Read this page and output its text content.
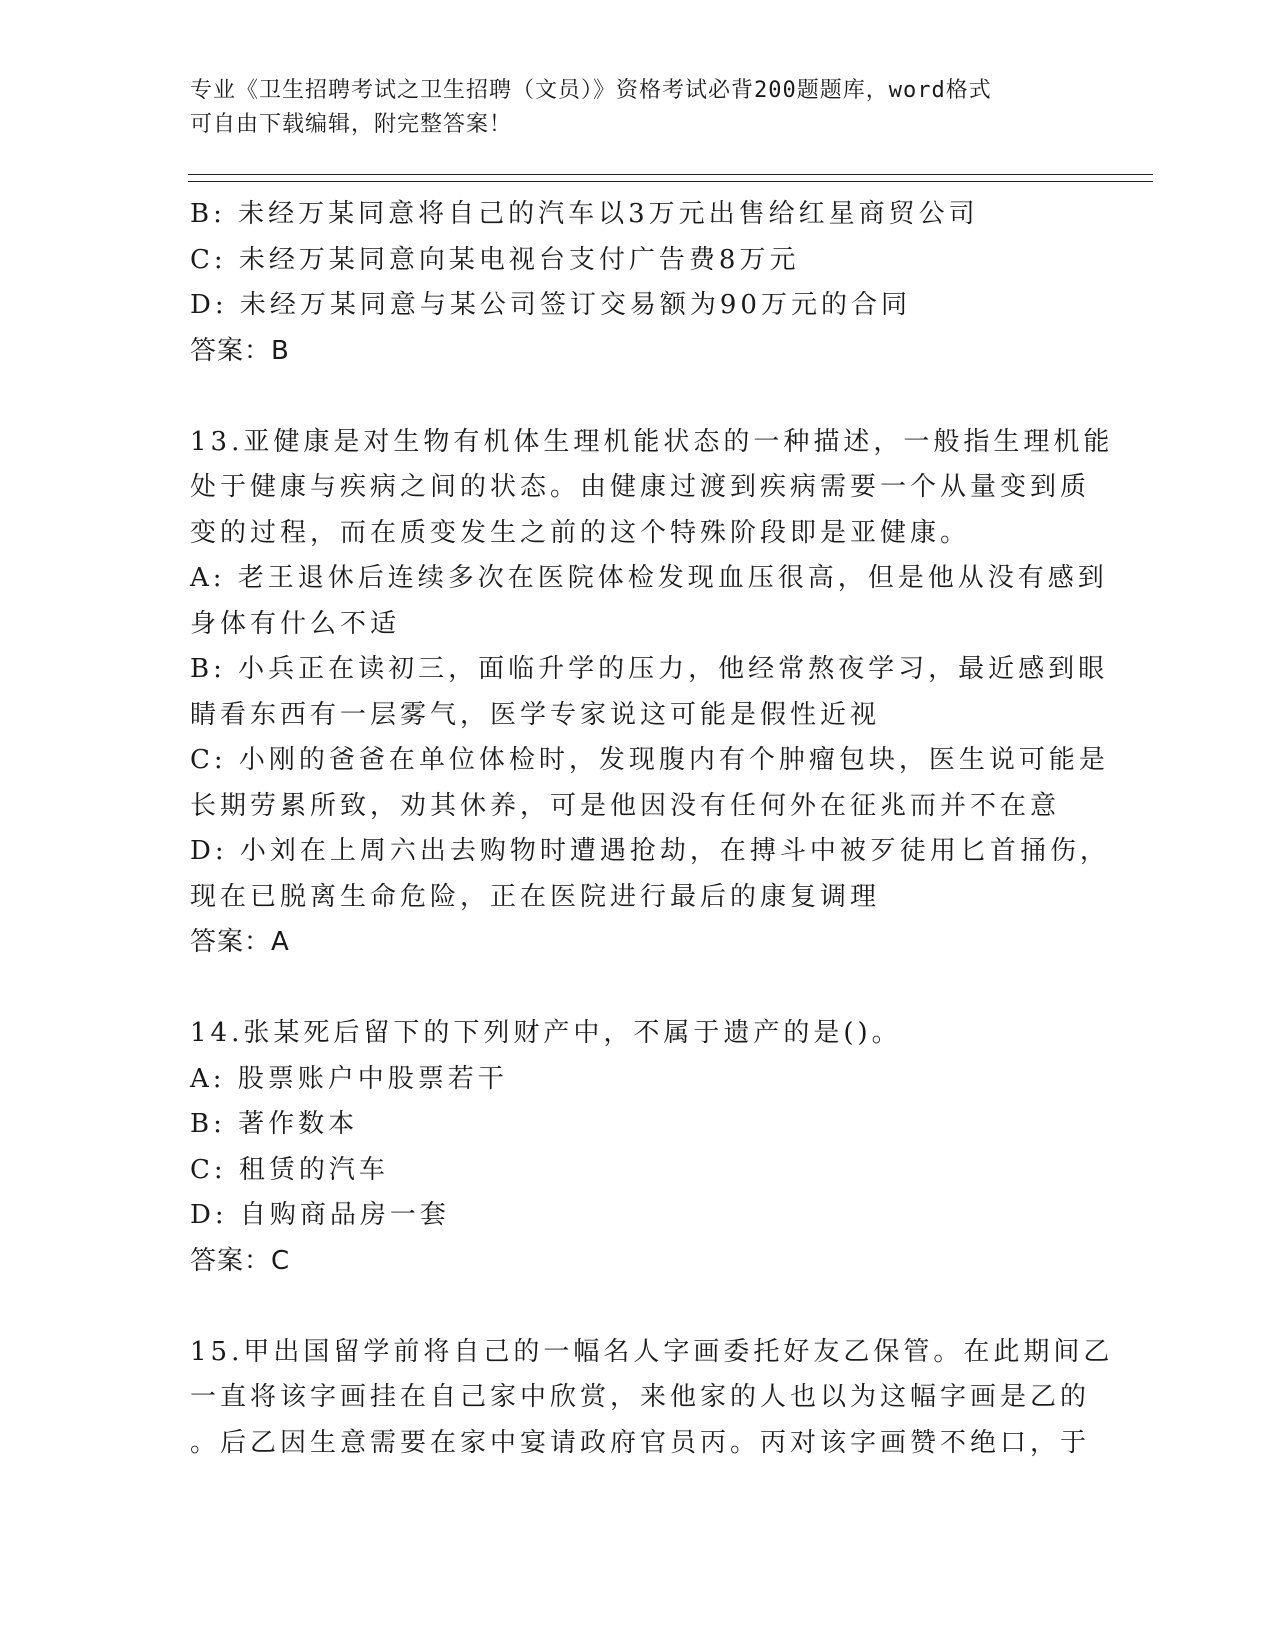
专业《卫生招聘考试之卫生招聘（文员）》资格考试必背200题题库，word格式
可自由下载编辑，附完整答案！
B: 未经万某同意将自己的汽车以3万元出售给红星商贸公司
C: 未经万某同意向某电视台支付广告费8万元
D: 未经万某同意与某公司签订交易额为90万元的合同
答案：B
13.亚健康是对生物有机体生理机能状态的一种描述，一般指生理机能
处于健康与疾病之间的状态。由健康过渡到疾病需要一个从量变到质
变的过程，而在质变发生之前的这个特殊阶段即是亚健康。
A: 老王退休后连续多次在医院体检发现血压很高，但是他从没有感到
身体有什么不适
B: 小兵正在读初三，面临升学的压力，他经常熬夜学习，最近感到眼
睛看东西有一层雾气，医学专家说这可能是假性近视
C: 小刚的爸爸在单位体检时，发现腹内有个肿瘤包块，医生说可能是
长期劳累所致，劝其休养，可是他因没有任何外在征兆而并不在意
D: 小刘在上周六出去购物时遭遇抢劫，在搏斗中被歹徒用匕首捅伤，
现在已脱离生命危险，正在医院进行最后的康复调理
答案：A
14.张某死后留下的下列财产中，不属于遗产的是()。
A: 股票账户中股票若干
B: 著作数本
C: 租赁的汽车
D: 自购商品房一套
答案：C
15.甲出国留学前将自己的一幅名人字画委托好友乙保管。在此期间乙
一直将该字画挂在自己家中欣赏，来他家的人也以为这幅字画是乙的
。后乙因生意需要在家中宴请政府官员丙。丙对该字画赞不绝口，于
